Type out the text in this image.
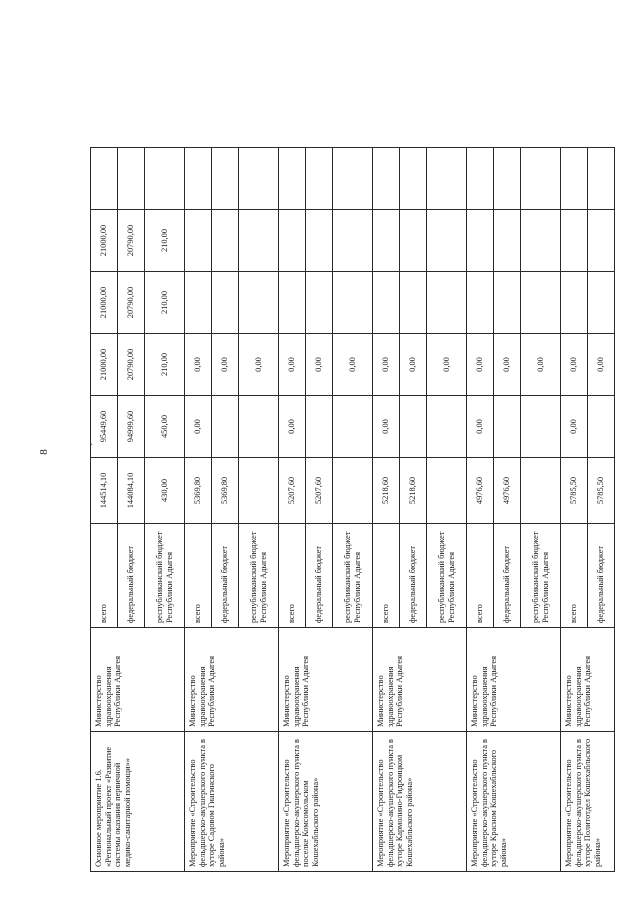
8
·
Основное мероприятие 1.6. «Региональный проект «Развитие системы оказания первичной медико-санитарной помощи»»	Министерство здравоохранения Республики Адыгея	всего	144514,10	95449,60	21000,00	21000,00	21000,00	
		федеральный бюджет	144084,10	94999,60	20790,00	20790,00	20790,00	
		республиканский бюджет Республики Адыгея	430,00	450,00	210,00	210,00	210,00	
Мероприятие «Строительство фельдшерско-акушерского пункта в хуторе Садовом Гиагинского района»	Министерство здравоохранения Республики Адыгея	всего	5369,80	0,00	0,00			
		федеральный бюджет	5369,80		0,00			
		республиканский бюджет Республики Адыгея			0,00			
Мероприятие «Строительство фельдшерско-акушерского пункта в поселке Комсомольском Кошехабльского района»	Министерство здравоохранения Республики Адыгея	всего	5207,60	0,00	0,00			
		федеральный бюджет	5207,60		0,00			
		республиканский бюджет Республики Адыгея			0,00			
Мероприятие «Строительство фельдшерско-акушерского пункта в хуторе Кармолино-Гидроицком Кошехабльского района»	Министерство здравоохранения Республики Адыгея	всего	5218,60	0,00	0,00			
		федеральный бюджет	5218,60		0,00			
		республиканский бюджет Республики Адыгея			0,00			
Мероприятие «Строительство фельдшерско-акушерского пункта в хуторе Красном Кошехабльского района»	Министерство здравоохранения Республики Адыгея	всего	4976,60	0,00	0,00			
		федеральный бюджет	4976,60		0,00			
		республиканский бюджет Республики Адыгея			0,00			
Мероприятие «Строительство фельдшерско-акушерского пункта в хуторе Политотдел Кошехабльского района»	Министерство здравоохранения Республики Адыгея	всего	5785,50	0,00	0,00			
		федеральный бюджет	5785,50		0,00			
